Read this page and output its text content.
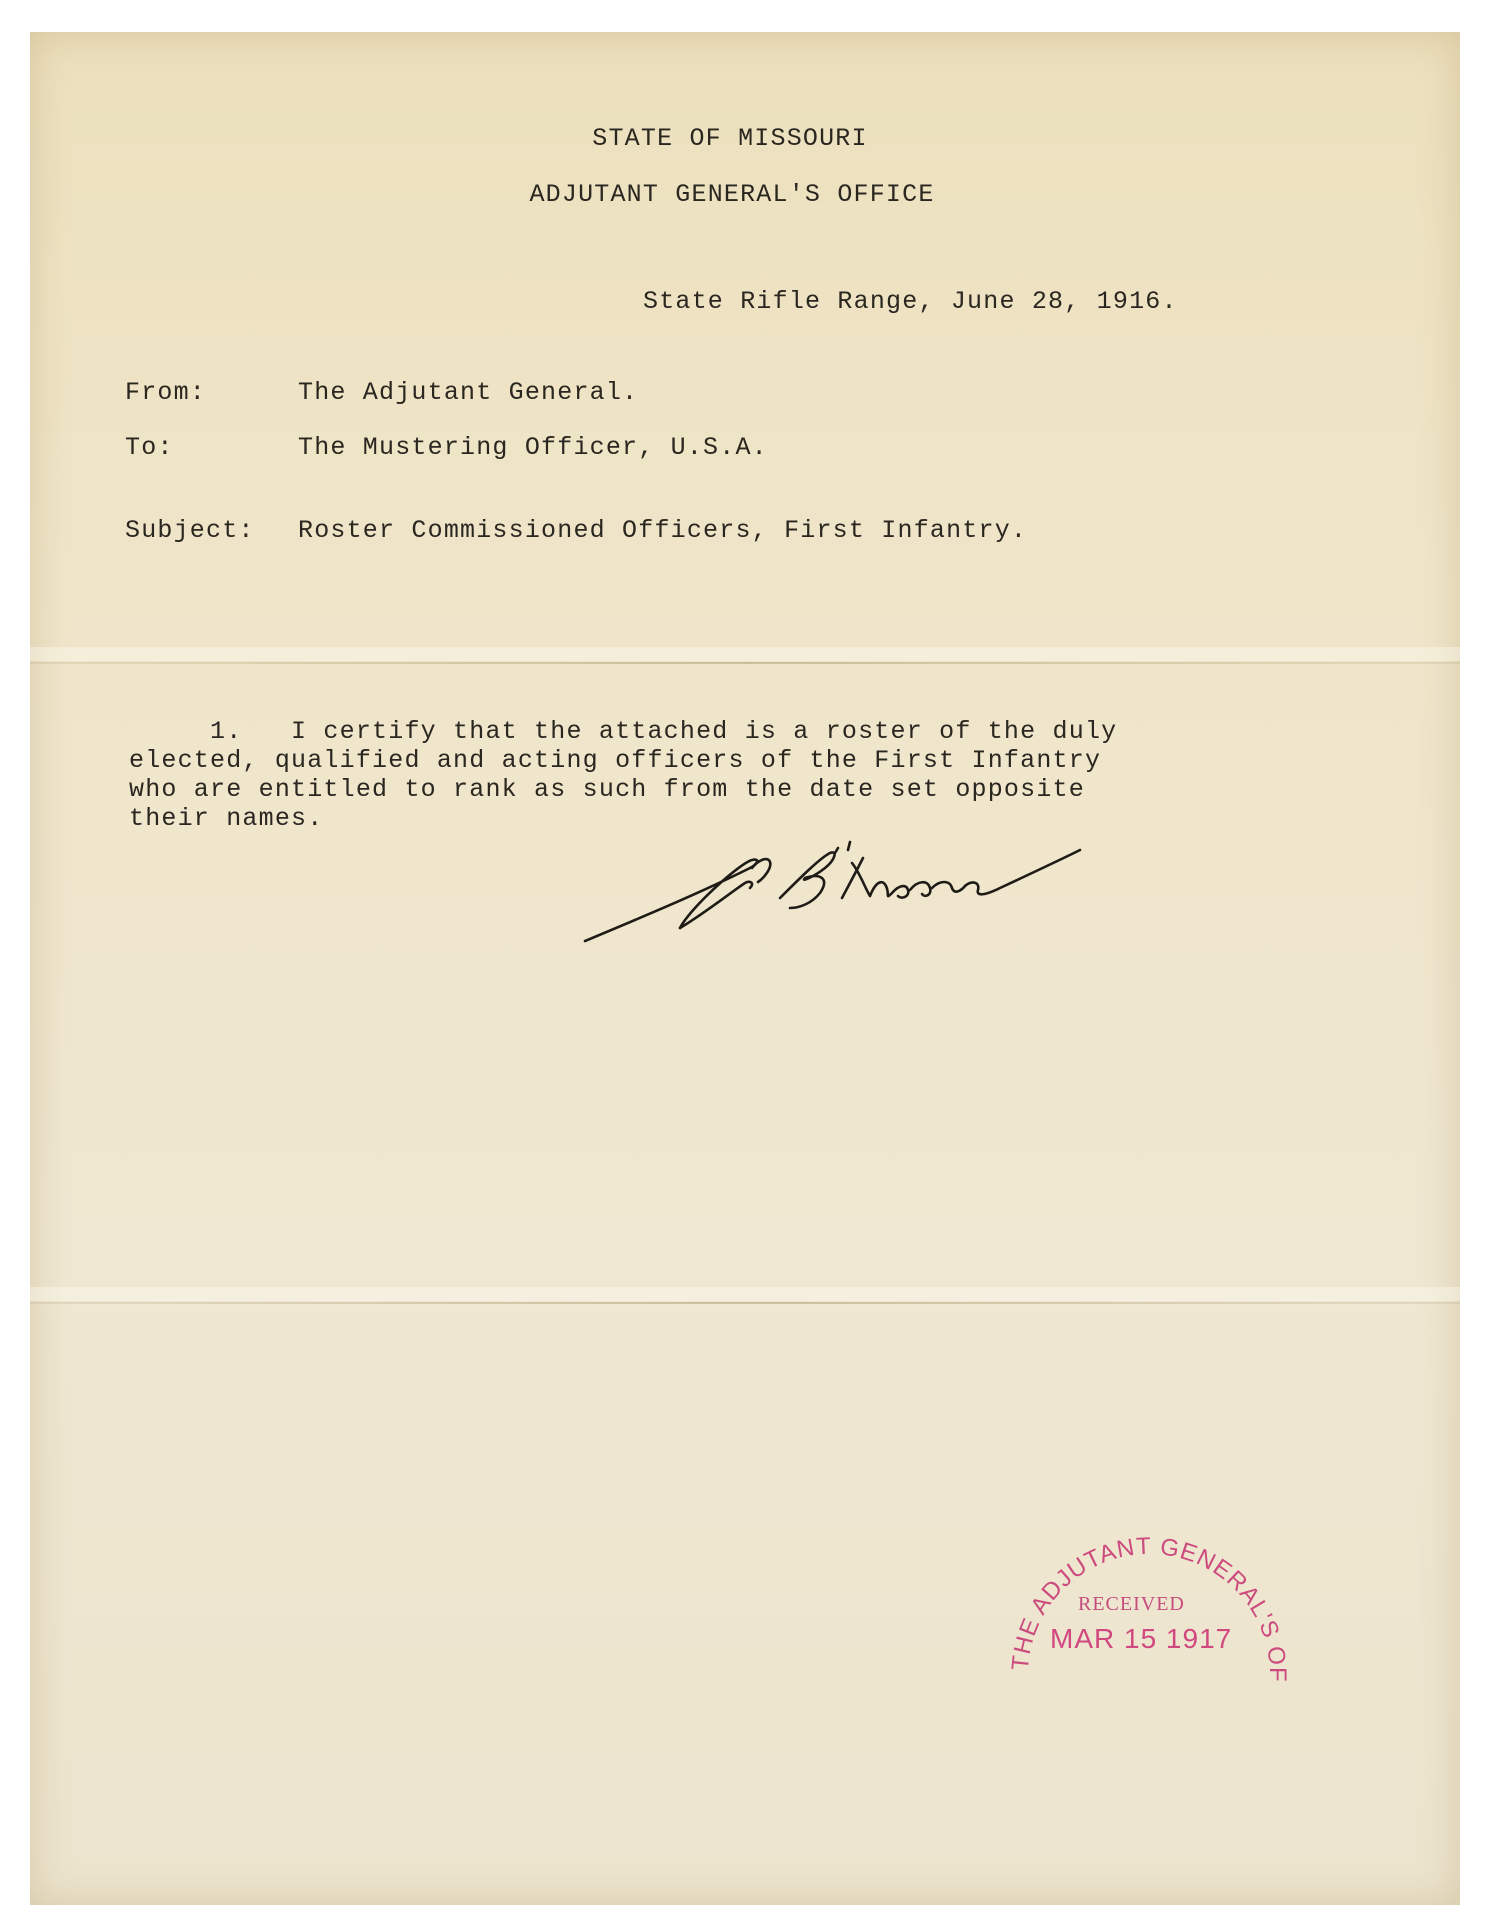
STATE OF MISSOURI
ADJUTANT GENERAL'S OFFICE
State Rifle Range, June 28, 1916.
From:	The Adjutant General.
To:	The Mustering Officer, U.S.A.
Subject: Roster Commissioned Officers, First Infantry.
1.   I certify that the attached is a roster of the duly
elected, qualified and acting officers of the First Infantry
who are entitled to rank as such from the date set opposite
their names.
THE ADJUTANT GENERAL'S OF
RECEIVED
MAR 15 1917
